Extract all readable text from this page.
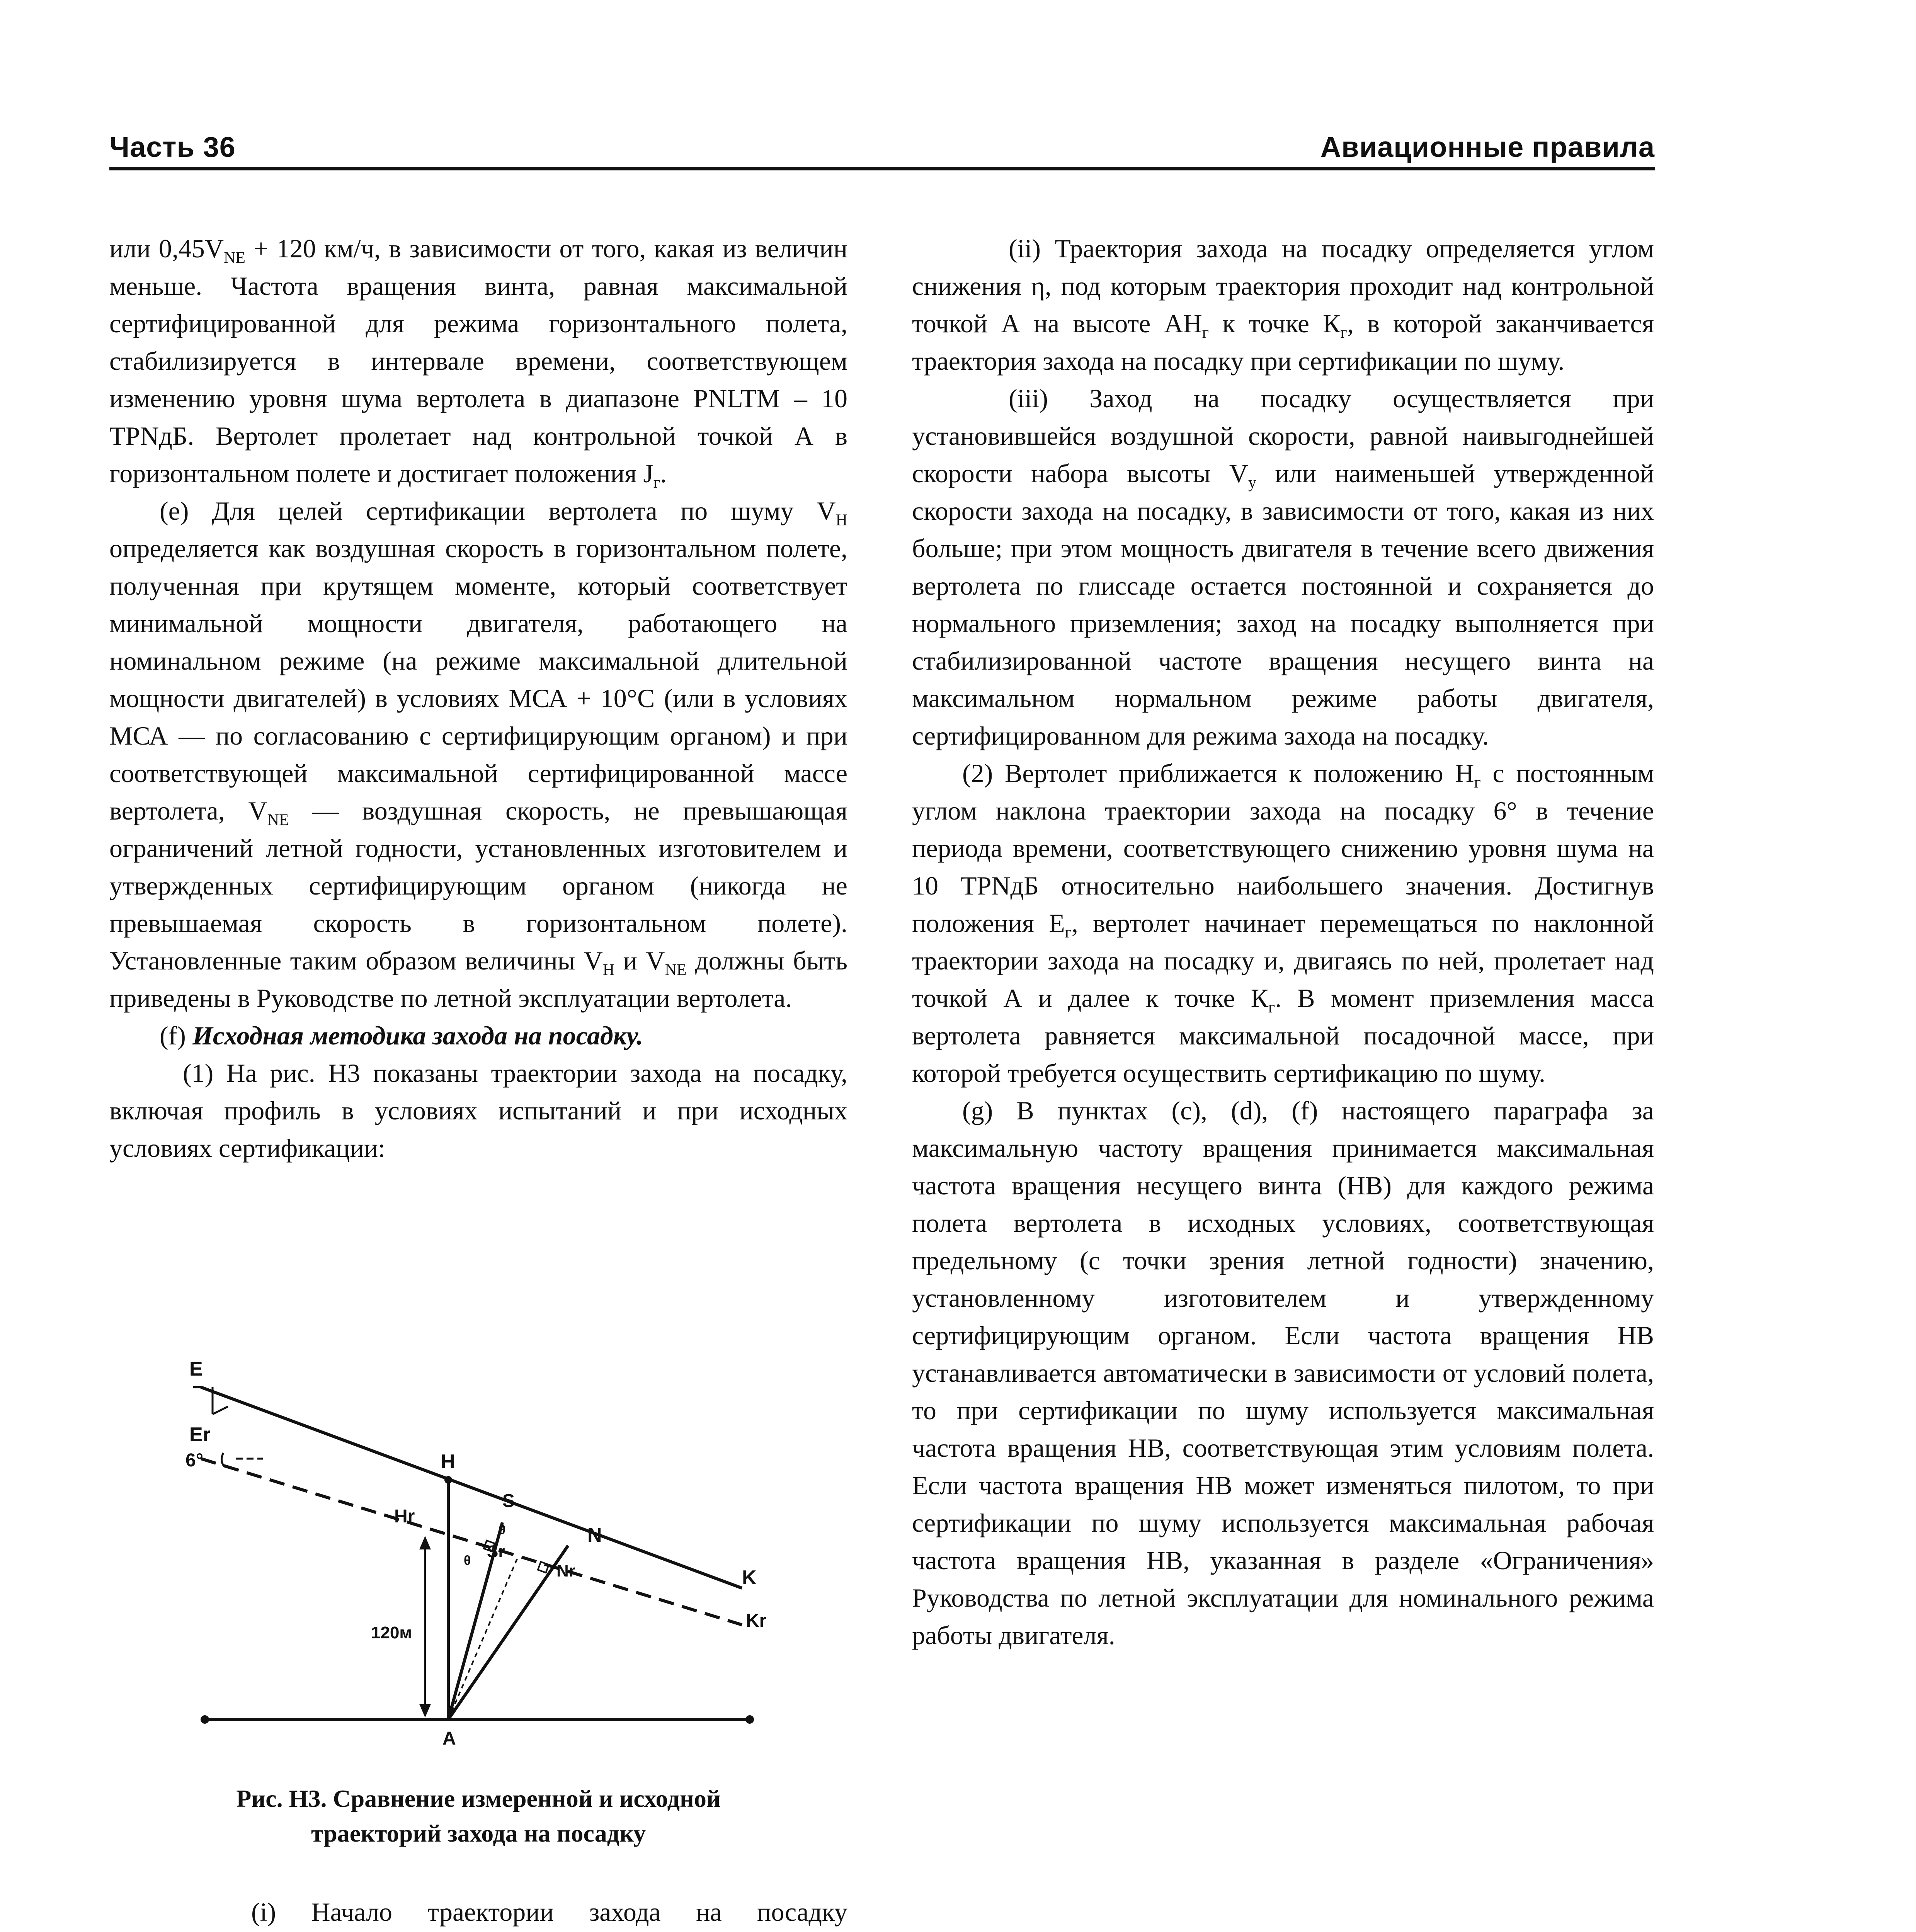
Часть 36	Авиационные правила

или $0,45V_{NE} + 120$ км/ч, в зависимости от того, какая из величин меньше. Частота вращения винта, равная максимальной сертифицированной для режима горизонтального полета, стабилизируется в интервале времени, соответствующем изменению уровня шума вертолета в диапазоне PNLTM – 10 TPNдБ. Вертолет пролетает над контрольной точкой А в горизонтальном полете и достигает положения $J_г$.

(е) Для целей сертификации вертолета по шуму $V_H$ определяется как воздушная скорость в горизонтальном полете, полученная при крутящем моменте, который соответствует минимальной мощности двигателя, работающего на номинальном режиме (на режиме максимальной длительной мощности двигателей) в условиях МСА + 10°С (или в условиях МСА — по согласованию с сертифицирующим органом) и при соответствующей максимальной сертифицированной массе вертолета, $V_{NE}$ — воздушная скорость, не превышающая ограничений летной годности, установленных изготовителем и утвержденных сертифицирующим органом (никогда не превышаемая скорость в горизонтальном полете). Установленные таким образом величины $V_H$ и $V_{NE}$ должны быть приведены в Руководстве по летной эксплуатации вертолета.

(f) Исходная методика захода на посадку.

(1) На рис. Н3 показаны траектории захода на посадку, включая профиль в условиях испытаний и при исходных условиях сертификации:

E
Er
6°	H
Hr
S
Sr
N
Nr	K
Kr
A
120м
θ
θ
Рис. Н3. Сравнение измеренной и исходной
траекторий захода на посадку

(i) Начало траектории захода на посадку

(ii) Траектория захода на посадку определяется углом снижения η, под которым траектория проходит над контрольной точкой А на высоте $АН_г$ к точке $К_г$, в которой заканчивается траектория захода на посадку при сертификации по шуму.

(iii) Заход на посадку осуществляется при установившейся воздушной скорости, равной наивыгоднейшей скорости набора высоты $V_y$ или наименьшей утвержденной скорости захода на посадку, в зависимости от того, какая из них больше; при этом мощность двигателя в течение всего движения вертолета по глиссаде остается постоянной и сохраняется до нормального приземления; заход на посадку выполняется при стабилизированной частоте вращения несущего винта на максимальном нормальном режиме работы двигателя, сертифицированном для режима захода на посадку.

(2) Вертолет приближается к положению $Н_г$ с постоянным углом наклона траектории захода на посадку 6° в течение периода времени, соответствующего снижению уровня шума на 10 TPNдБ относительно наибольшего значения. Достигнув положения $Е_г$, вертолет начинает перемещаться по наклонной траектории захода на посадку и, двигаясь по ней, пролетает над точкой А и далее к точке $К_г$. В момент приземления масса вертолета равняется максимальной посадочной массе, при которой требуется осуществить сертификацию по шуму.

(g) В пунктах (с), (d), (f) настоящего параграфа за максимальную частоту вращения принимается максимальная частота вращения несущего винта (НВ) для каждого режима полета вертолета в исходных условиях, соответствующая предельному (с точки зрения летной годности) значению, установленному изготовителем и утвержденному сертифицирующим органом. Если частота вращения НВ устанавливается автоматически в зависимости от условий полета, то при сертификации по шуму используется максимальная частота вращения НВ, соответствующая этим условиям полета. Если частота вращения НВ может изменяться пилотом, то при сертификации по шуму используется максимальная рабочая частота вращения НВ, указанная в разделе «Ограничения» Руководства по летной эксплуатации для номинального режима работы двигателя.
